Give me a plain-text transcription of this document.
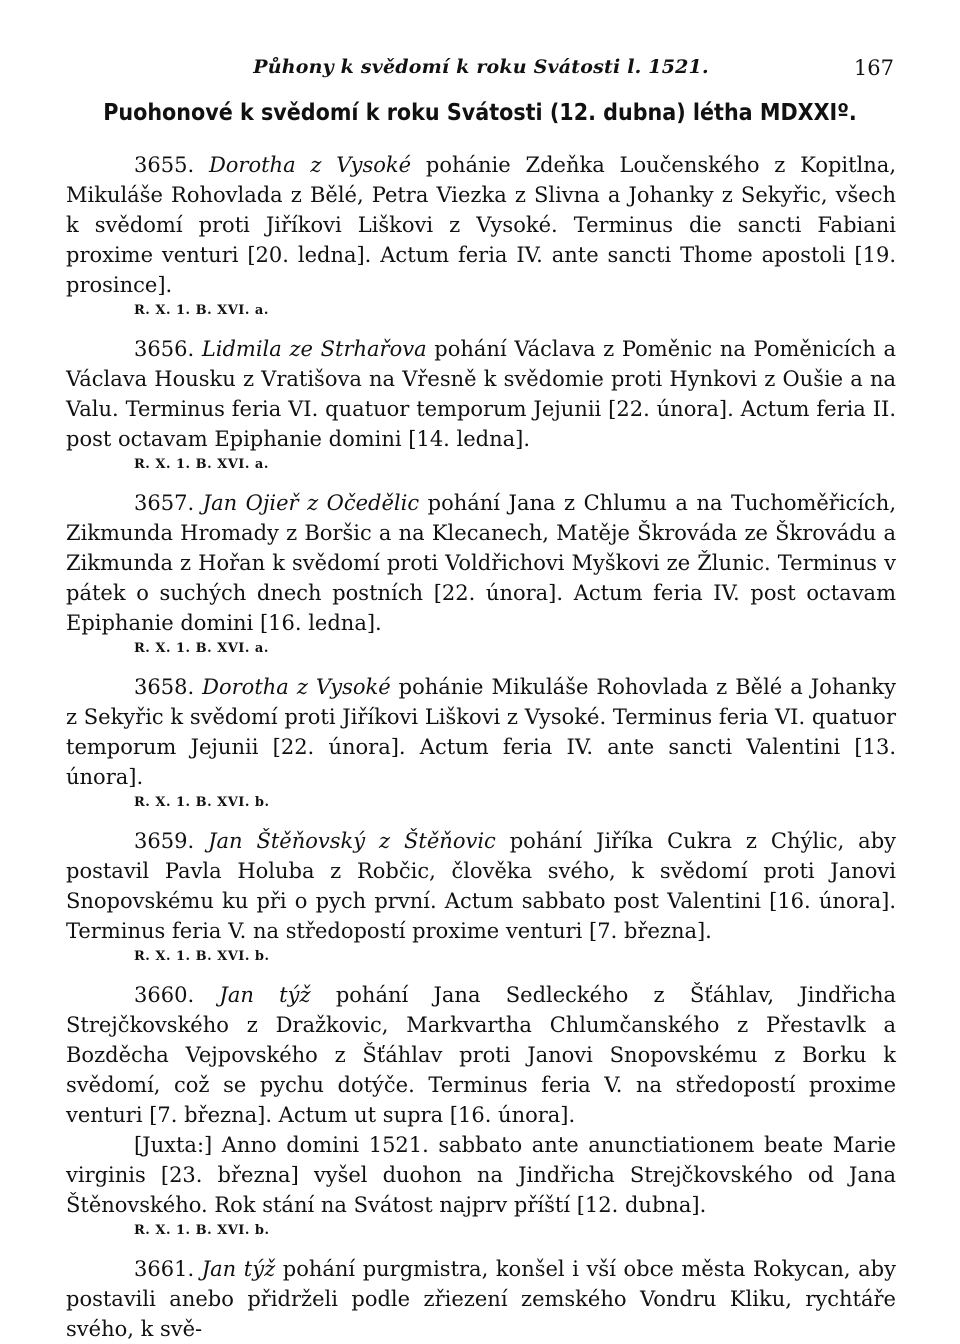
Půhony k svědomí k roku Svátosti l. 1521.	167
Puohonové k svědomí k roku Svátosti (12. dubna) létha MDXXIº.

3655. Dorotha z Vysoké pohánie Zdeňka Loučenského z Kopitlna, Mikuláše Rohovlada z Bělé, Petra Viezka z Slivna a Johanky z Sekyřic, všech k svědomí proti Jiříkovi Liškovi z Vysoké. Terminus die sancti Fabiani proxime venturi [20. ledna]. Actum feria IV. ante sancti Thome apostoli [19. prosince].

R. X. 1. B. XVI. a.

3656. Lidmila ze Strhařova pohání Václava z Poměnic na Poměnicích a Václava Housku z Vratišova na Vřesně k svědomie proti Hynkovi z Oušie a na Valu. Terminus feria VI. quatuor temporum Jejunii [22. února]. Actum feria II. post octavam Epiphanie domini [14. ledna].

R. X. 1. B. XVI. a.

3657. Jan Ojieř z Očedělic pohání Jana z Chlumu a na Tuchoměřicích, Zikmunda Hromady z Boršic a na Klecanech, Matěje Škrováda ze Škrovádu a Zikmunda z Hořan k svědomí proti Voldřichovi Myškovi ze Žlunic. Terminus v pátek o suchých dnech postních [22. února]. Actum feria IV. post octavam Epiphanie domini [16. ledna].

R. X. 1. B. XVI. a.

3658. Dorotha z Vysoké pohánie Mikuláše Rohovlada z Bělé a Johanky z Sekyřic k svědomí proti Jiříkovi Liškovi z Vysoké. Terminus feria VI. quatuor temporum Jejunii [22. února]. Actum feria IV. ante sancti Valentini [13. února].

R. X. 1. B. XVI. b.

3659. Jan Štěňovský z Štěňovic pohání Jiříka Cukra z Chýlic, aby postavil Pavla Holuba z Robčic, člověka svého, k svědomí proti Janovi Snopovskému ku při o pych první. Actum sabbato post Valentini [16. února]. Terminus feria V. na středopostí proxime venturi [7. března].

R. X. 1. B. XVI. b.

3660. Jan týž pohání Jana Sedleckého z Šťáhlav, Jindřicha Strejčkovského z Dražkovic, Markvartha Chlumčanského z Přestavlk a Bozděcha Vejpovského z Šťáhlav proti Janovi Snopovskému z Borku k svědomí, což se pychu dotýče. Terminus feria V. na středopostí proxime venturi [7. března]. Actum ut supra [16. února].

[Juxta:] Anno domini 1521. sabbato ante anunctiationem beate Marie virginis [23. března] vyšel duohon na Jindřicha Strejčkovského od Jana Štěnovského. Rok stání na Svátost najprv příští [12. dubna].

R. X. 1. B. XVI. b.

3661. Jan týž pohání purgmistra, konšel i vší obce města Rokycan, aby postavili anebo přidrželi podle zřiezení zemského Vondru Kliku, rychtáře svého, k svě-
